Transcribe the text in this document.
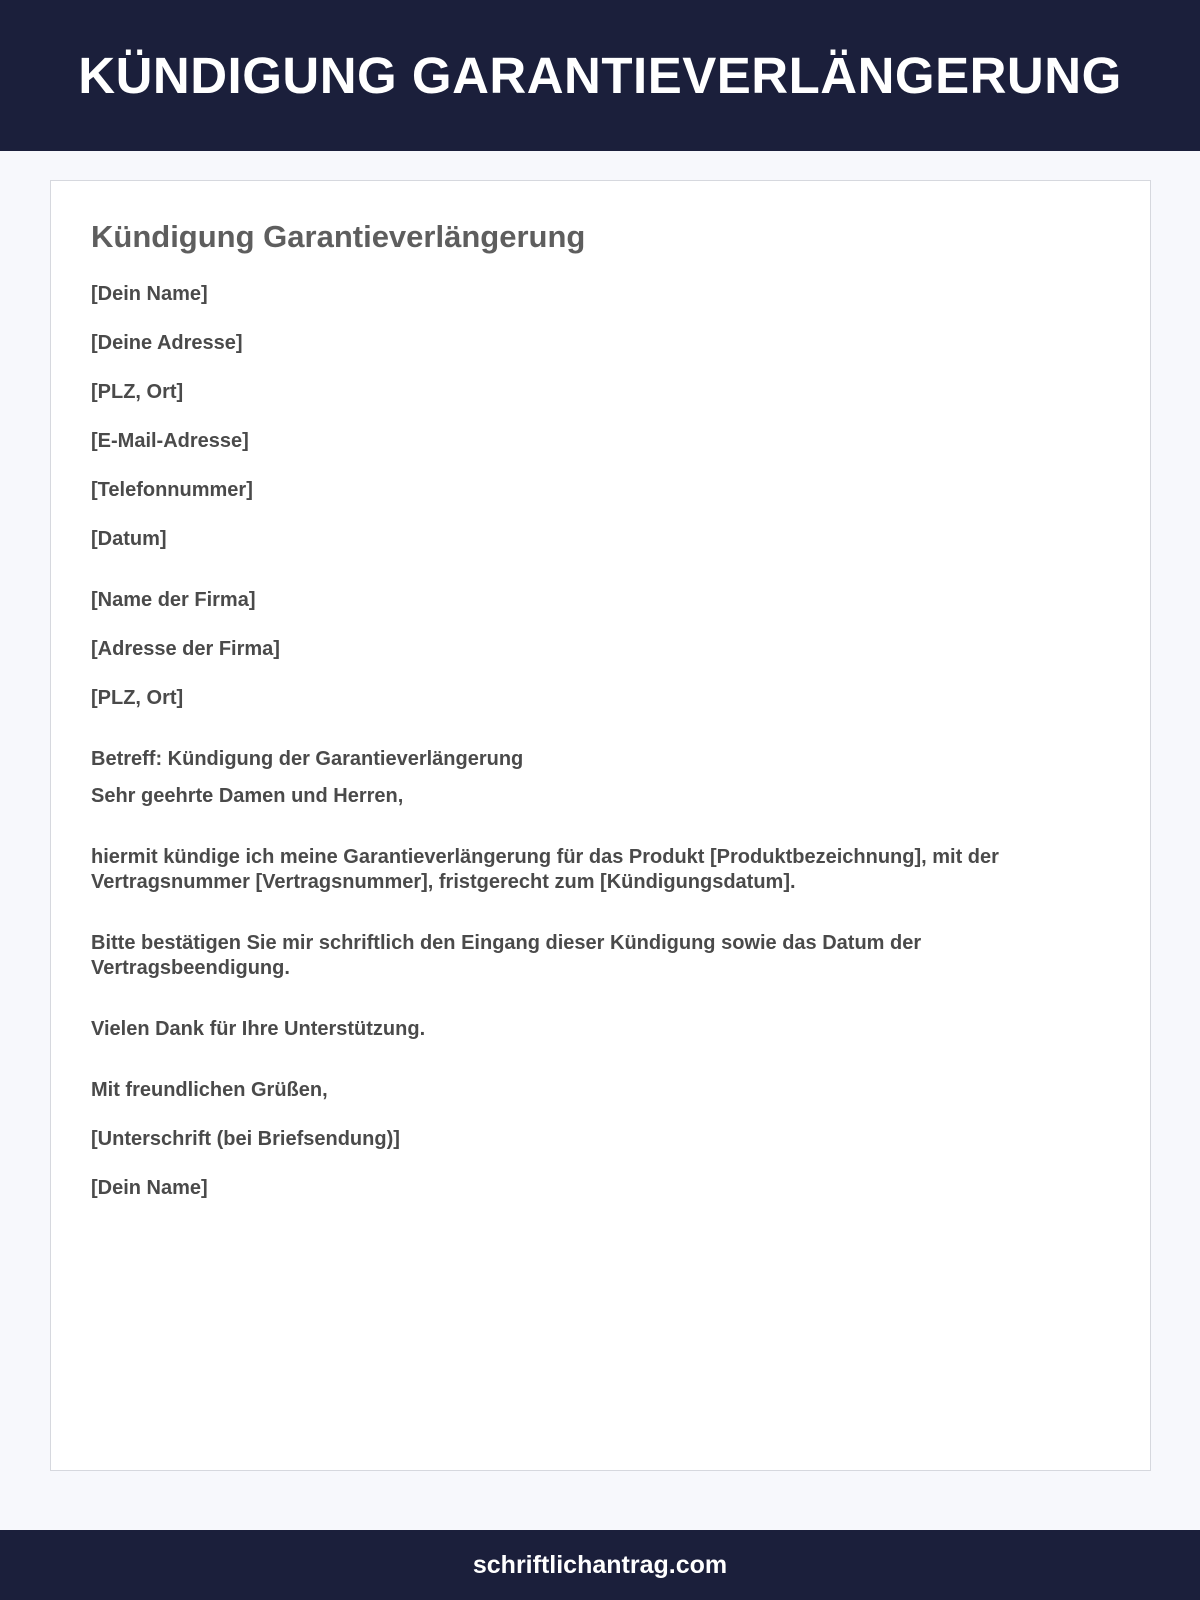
KÜNDIGUNG GARANTIEVERLÄNGERUNG
Kündigung Garantieverlängerung
[Dein Name]
[Deine Adresse]
[PLZ, Ort]
[E-Mail-Adresse]
[Telefonnummer]
[Datum]
[Name der Firma]
[Adresse der Firma]
[PLZ, Ort]
Betreff: Kündigung der Garantieverlängerung
Sehr geehrte Damen und Herren,
hiermit kündige ich meine Garantieverlängerung für das Produkt [Produktbezeichnung], mit der Vertragsnummer [Vertragsnummer], fristgerecht zum [Kündigungsdatum].
Bitte bestätigen Sie mir schriftlich den Eingang dieser Kündigung sowie das Datum der Vertragsbeendigung.
Vielen Dank für Ihre Unterstützung.
Mit freundlichen Grüßen,
[Unterschrift (bei Briefsendung)]
[Dein Name]
schriftlichantrag.com
